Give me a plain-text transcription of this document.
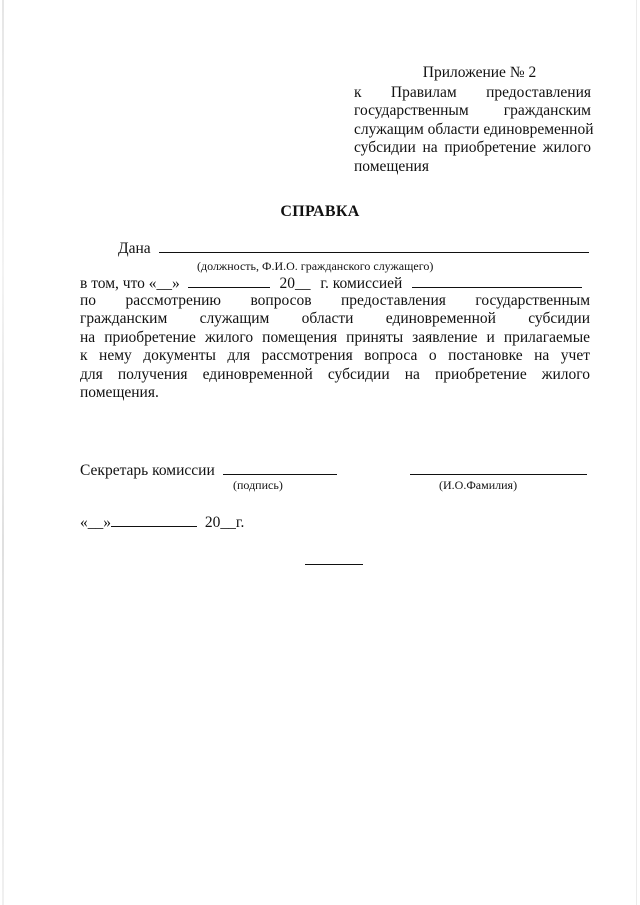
Приложение № 2
к Правилам предоставления
государственным гражданским
служащим области единовременной
субсидии на приобретение жилого
помещения
СПРАВКА
Дана
(должность, Ф.И.О. гражданского служащего)
в том, что «__»	20__ г. комиссией
по рассмотрению вопросов предоставления государственным
гражданским служащим области единовременной субсидии
на приобретение жилого помещения приняты заявление и прилагаемые
к нему документы для рассмотрения вопроса о постановке на учет
для получения единовременной субсидии на приобретение жилого
помещения.
Секретарь комиссии
(подпись)	(И.О.Фамилия)
«__»	20__г.
